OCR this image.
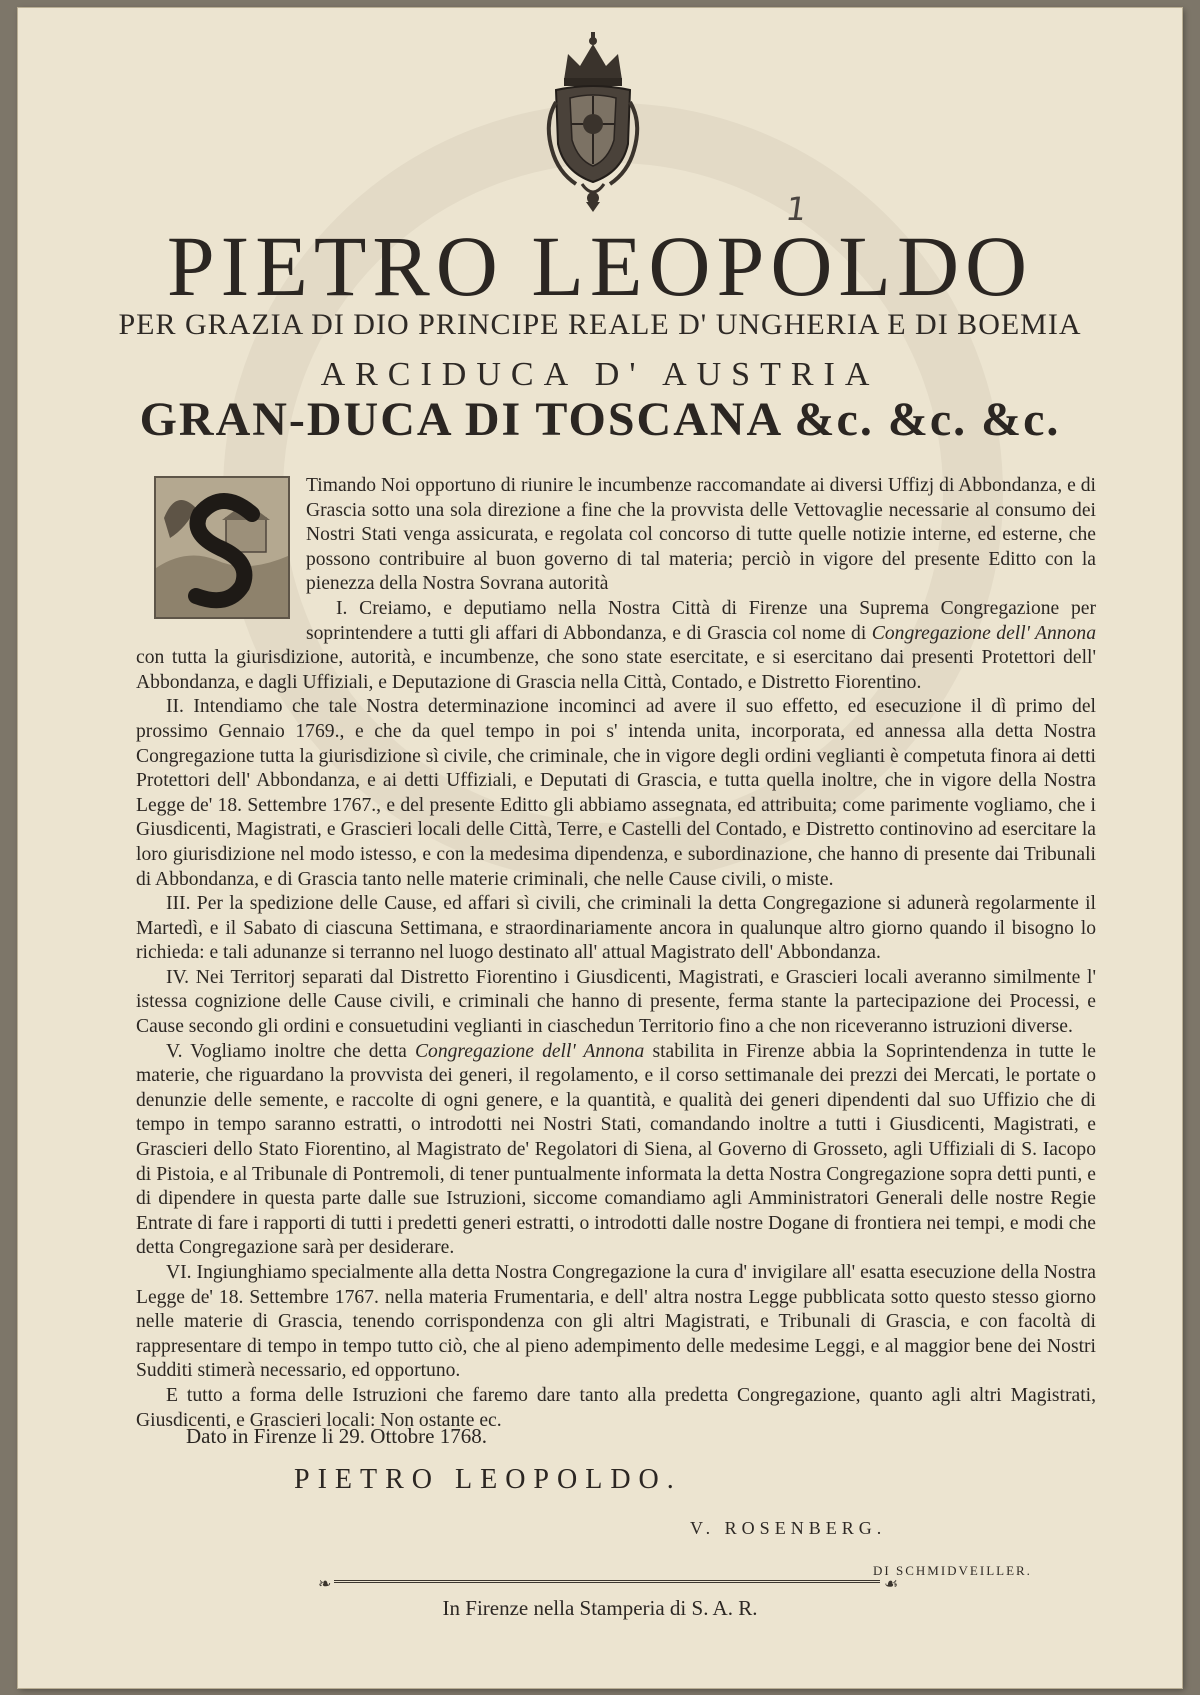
1
PIETRO LEOPOLDO
PER GRAZIA DI DIO PRINCIPE REALE D' UNGHERIA E DI BOEMIA
ARCIDUCA D' AUSTRIA
GRAN-DUCA DI TOSCANA &c. &c. &c.

Timando Noi opportuno di riunire le incumbenze raccomandate ai diversi Uffizj di Abbondanza, e di Grascia sotto una sola direzione a fine che la provvista delle Vettovaglie necessarie al consumo dei Nostri Stati venga assicurata, e regolata col concorso di tutte quelle notizie interne, ed esterne, che possono contribuire al buon governo di tal materia; perciò in vigore del presente Editto con la pienezza della Nostra Sovrana autorità

I. Creiamo, e deputiamo nella Nostra Città di Firenze una Suprema Congregazione per soprintendere a tutti gli affari di Abbondanza, e di Grascia col nome di Congregazione dell' Annona con tutta la giurisdizione, autorità, e incumbenze, che sono state esercitate, e si esercitano dai presenti Protettori dell' Abbondanza, e dagli Uffiziali, e Deputazione di Grascia nella Città, Contado, e Distretto Fiorentino.

II. Intendiamo che tale Nostra determinazione incominci ad avere il suo effetto, ed esecuzione il dì primo del prossimo Gennaio 1769., e che da quel tempo in poi s' intenda unita, incorporata, ed annessa alla detta Nostra Congregazione tutta la giurisdizione sì civile, che criminale, che in vigore degli ordini veglianti è competuta finora ai detti Protettori dell' Abbondanza, e ai detti Uffiziali, e Deputati di Grascia, e tutta quella inoltre, che in vigore della Nostra Legge de' 18. Settembre 1767., e del presente Editto gli abbiamo assegnata, ed attribuita; come parimente vogliamo, che i Giusdicenti, Magistrati, e Grascieri locali delle Città, Terre, e Castelli del Contado, e Distretto continovino ad esercitare la loro giurisdizione nel modo istesso, e con la medesima dipendenza, e subordinazione, che hanno di presente dai Tribunali di Abbondanza, e di Grascia tanto nelle materie criminali, che nelle Cause civili, o miste.

III. Per la spedizione delle Cause, ed affari sì civili, che criminali la detta Congregazione si adunerà regolarmente il Martedì, e il Sabato di ciascuna Settimana, e straordinariamente ancora in qualunque altro giorno quando il bisogno lo richieda: e tali adunanze si terranno nel luogo destinato all' attual Magistrato dell' Abbondanza.

IV. Nei Territorj separati dal Distretto Fiorentino i Giusdicenti, Magistrati, e Grascieri locali averanno similmente l' istessa cognizione delle Cause civili, e criminali che hanno di presente, ferma stante la partecipazione dei Processi, e Cause secondo gli ordini e consuetudini veglianti in ciaschedun Territorio fino a che non riceveranno istruzioni diverse.

V. Vogliamo inoltre che detta Congregazione dell' Annona stabilita in Firenze abbia la Soprintendenza in tutte le materie, che riguardano la provvista dei generi, il regolamento, e il corso settimanale dei prezzi dei Mercati, le portate o denunzie delle semente, e raccolte di ogni genere, e la quantità, e qualità dei generi dipendenti dal suo Uffizio che di tempo in tempo saranno estratti, o introdotti nei Nostri Stati, comandando inoltre a tutti i Giusdicenti, Magistrati, e Grascieri dello Stato Fiorentino, al Magistrato de' Regolatori di Siena, al Governo di Grosseto, agli Uffiziali di S. Iacopo di Pistoia, e al Tribunale di Pontremoli, di tener puntualmente informata la detta Nostra Congregazione sopra detti punti, e di dipendere in questa parte dalle sue Istruzioni, siccome comandiamo agli Amministratori Generali delle nostre Regie Entrate di fare i rapporti di tutti i predetti generi estratti, o introdotti dalle nostre Dogane di frontiera nei tempi, e modi che detta Congregazione sarà per desiderare.

VI. Ingiunghiamo specialmente alla detta Nostra Congregazione la cura d' invigilare all' esatta esecuzione della Nostra Legge de' 18. Settembre 1767. nella materia Frumentaria, e dell' altra nostra Legge pubblicata sotto questo stesso giorno nelle materie di Grascia, tenendo corrispondenza con gli altri Magistrati, e Tribunali di Grascia, e con facoltà di rappresentare di tempo in tempo tutto ciò, che al pieno adempimento delle medesime Leggi, e al maggior bene dei Nostri Sudditi stimerà necessario, ed opportuno.

E tutto a forma delle Istruzioni che faremo dare tanto alla predetta Congregazione, quanto agli altri Magistrati, Giusdicenti, e Grascieri locali: Non ostante ec.

Dato in Firenze li 29. Ottobre 1768.
PIETRO LEOPOLDO.
V. ROSENBERG.
DI SCHMIDVEILLER.
❧	☙
In Firenze nella Stamperia di S. A. R.
